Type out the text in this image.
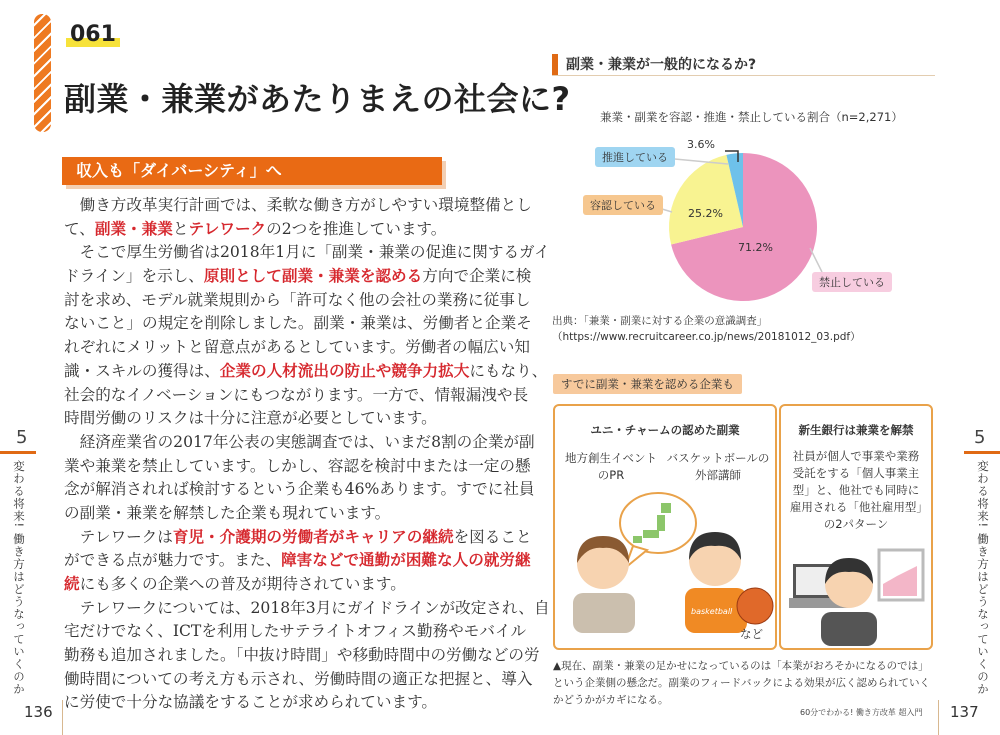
061
副業・兼業があたりまえの社会に?
収入も「ダイバーシティ」へ
　働き方改革実行計画では、柔軟な働き方がしやすい環境整備とし
て、副業・兼業とテレワークの2つを推進しています。
　そこで厚生労働省は2018年1月に「副業・兼業の促進に関するガイ
ドライン」を示し、原則として副業・兼業を認める方向で企業に検
討を求め、モデル就業規則から「許可なく他の会社の業務に従事し
ないこと」の規定を削除しました。副業・兼業は、労働者と企業そ
れぞれにメリットと留意点があるとしています。労働者の幅広い知
識・スキルの獲得は、企業の人材流出の防止や競争力拡大にもなり、
社会的なイノベーションにもつながります。一方で、情報漏洩や長
時間労働のリスクは十分に注意が必要としています。
　経済産業省の2017年公表の実態調査では、いまだ8割の企業が副
業や兼業を禁止しています。しかし、容認を検討中または一定の懸
念が解消されれば検討するという企業も46%あります。すでに社員
の副業・兼業を解禁した企業も現れています。
　テレワークは育児・介護期の労働者がキャリアの継続を図ること
ができる点が魅力です。また、障害などで通勤が困難な人の就労継
続にも多くの企業への普及が期待されています。
　テレワークについては、2018年3月にガイドラインが改定され、自
宅だけでなく、ICTを利用したサテライトオフィス勤務やモバイル
勤務も追加されました。「中抜け時間」や移動時間中の労働などの労
働時間についての考え方も示され、労働時間の適正な把握と、導入
に労使で十分な協議をすることが求められています。
5
変わる将来! 働き方はどうなっていくのか
136
副業・兼業が一般的になるか?
兼業・副業を容認・推進・禁止している割合（n=2,271）
禁止している
容認している
推進している
71.2%
25.2%
3.6%
出典：「兼業・副業に対する企業の意識調査」（https://www.recruitcareer.co.jp/news/20181012_03.pdf）
すでに副業・兼業を認める企業も
ユニ・チャームの認めた副業
地方創生イベントのPR
バスケットボールの外部講師
basketball
など
新生銀行は兼業を解禁
社員が個人で事業や業務受託をする「個人事業主型」と、他社でも同時に雇用される「他社雇用型」の2パターン
▲現在、副業・兼業の足かせになっているのは「本業がおろそかになるのでは」という企業側の懸念だ。副業のフィードバックによる効果が広く認められていくかどうかがカギになる。
5
変わる将来! 働き方はどうなっていくのか
60分でわかる! 働き方改革 超入門 137
